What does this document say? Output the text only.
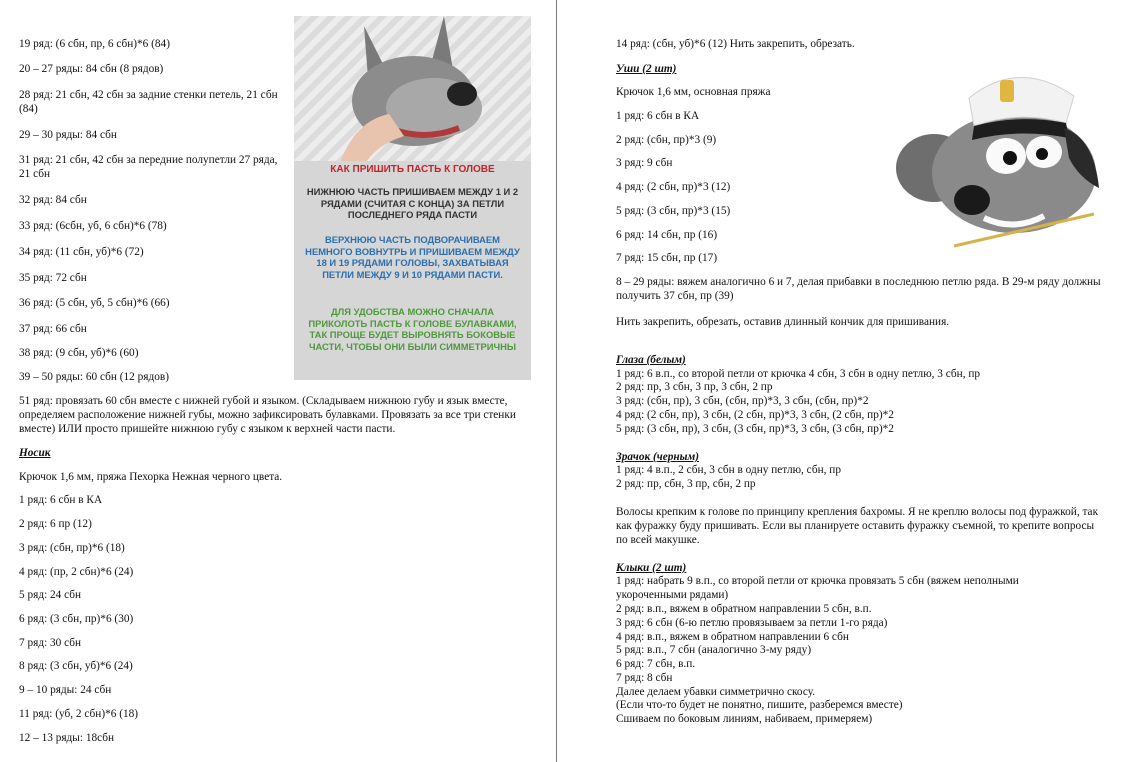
19 ряд: (6 сбн, пр, 6 сбн)*6 (84)
20 – 27 ряды: 84 сбн (8 рядов)
28 ряд: 21 сбн, 42 сбн за задние стенки петель, 21 сбн (84)
29 – 30 ряды: 84 сбн
31 ряд: 21 сбн, 42 сбн за передние полупетли 27 ряда, 21 сбн
32 ряд: 84 сбн
33 ряд: (6сбн, уб, 6 сбн)*6 (78)
34 ряд: (11 сбн, уб)*6 (72)
35 ряд: 72 сбн
36 ряд: (5 сбн, уб, 5 сбн)*6 (66)
37 ряд: 66 сбн
38 ряд: (9 сбн, уб)*6 (60)
39 – 50 ряды: 60 сбн (12 рядов)
51 ряд: провязать 60 сбн вместе с нижней губой и языком. (Складываем нижнюю губу и язык вместе, определяем расположение нижней губы, можно зафиксировать булавками. Провязать за все три стенки вместе) ИЛИ просто пришейте нижнюю губу с языком к верхней части пасти.
Носик
Крючок 1,6 мм, пряжа Пехорка Нежная черного цвета.
1 ряд: 6 сбн в КА
2 ряд: 6 пр (12)
3 ряд: (сбн, пр)*6 (18)
4 ряд: (пр, 2 сбн)*6 (24)
5 ряд: 24 сбн
6 ряд: (3 сбн, пр)*6 (30)
7 ряд: 30 сбн
8 ряд: (3 сбн, уб)*6 (24)
9 – 10 ряды: 24 сбн
11 ряд: (уб, 2 сбн)*6 (18)
12 – 13 ряды: 18сбн
КАК ПРИШИТЬ ПАСТЬ К ГОЛОВЕ
НИЖНЮЮ ЧАСТЬ ПРИШИВАЕМ МЕЖДУ 1 И 2 РЯДАМИ (СЧИТАЯ С КОНЦА) ЗА ПЕТЛИ ПОСЛЕДНЕГО РЯДА ПАСТИ
ВЕРХНЮЮ ЧАСТЬ ПОДВОРАЧИВАЕМ НЕМНОГО ВОВНУТРЬ И ПРИШИВАЕМ МЕЖДУ 18 И 19 РЯДАМИ ГОЛОВЫ, ЗАХВАТЫВАЯ ПЕТЛИ МЕЖДУ 9 И 10 РЯДАМИ ПАСТИ.
ДЛЯ УДОБСТВА МОЖНО СНАЧАЛА ПРИКОЛОТЬ ПАСТЬ К ГОЛОВЕ БУЛАВКАМИ, ТАК ПРОЩЕ БУДЕТ ВЫРОВНЯТЬ БОКОВЫЕ ЧАСТИ, ЧТОБЫ ОНИ БЫЛИ СИММЕТРИЧНЫ
14 ряд: (сбн, уб)*6 (12) Нить закрепить, обрезать.
Уши (2 шт)
Крючок 1,6 мм, основная пряжа
1 ряд: 6 сбн в КА
2 ряд: (сбн, пр)*3 (9)
3 ряд: 9 сбн
4 ряд: (2 сбн, пр)*3 (12)
5 ряд: (3 сбн, пр)*3 (15)
6 ряд: 14 сбн, пр (16)
7 ряд: 15 сбн, пр (17)
8 – 29 ряды: вяжем аналогично 6 и 7, делая прибавки в последнюю петлю ряда. В 29-м ряду должны получить 37 сбн, пр (39)
Нить закрепить, обрезать, оставив длинный кончик для пришивания.
Глаза (белым)
1 ряд: 6 в.п., со второй петли от крючка 4 сбн, 3 сбн в одну петлю, 3 сбн, пр
2 ряд: пр, 3 сбн, 3 пр, 3 сбн, 2 пр
3 ряд: (сбн, пр), 3 сбн, (сбн, пр)*3, 3 сбн, (сбн, пр)*2
4 ряд: (2 сбн, пр), 3 сбн, (2 сбн, пр)*3, 3 сбн, (2 сбн, пр)*2
5 ряд: (3 сбн, пр), 3 сбн, (3 сбн, пр)*3, 3 сбн, (3 сбн, пр)*2
Зрачок (черным)
1 ряд: 4 в.п., 2 сбн, 3 сбн в одну петлю, сбн, пр
2 ряд: пр, сбн, 3 пр, сбн, 2 пр
Волосы крепким к голове по принципу крепления бахромы. Я не креплю волосы под фуражкой, так как фуражку буду пришивать. Если вы планируете оставить фуражку съемной, то крепите вопросы по всей макушке.
Клыки (2 шт)
1 ряд: набрать 9 в.п., со второй петли от крючка провязать 5 сбн (вяжем неполными укороченными рядами)
2 ряд: в.п., вяжем в обратном направлении 5 сбн, в.п.
3 ряд: 6 сбн (6-ю петлю провязываем за петли 1-го ряда)
4 ряд: в.п., вяжем в обратном направлении 6 сбн
5 ряд: в.п., 7 сбн (аналогично 3-му ряду)
6 ряд: 7 сбн, в.п.
7 ряд: 8 сбн
Далее делаем убавки симметрично скосу.
(Если что-то будет не понятно, пишите, разберемся вместе)
Сшиваем по боковым линиям, набиваем, примеряем)
